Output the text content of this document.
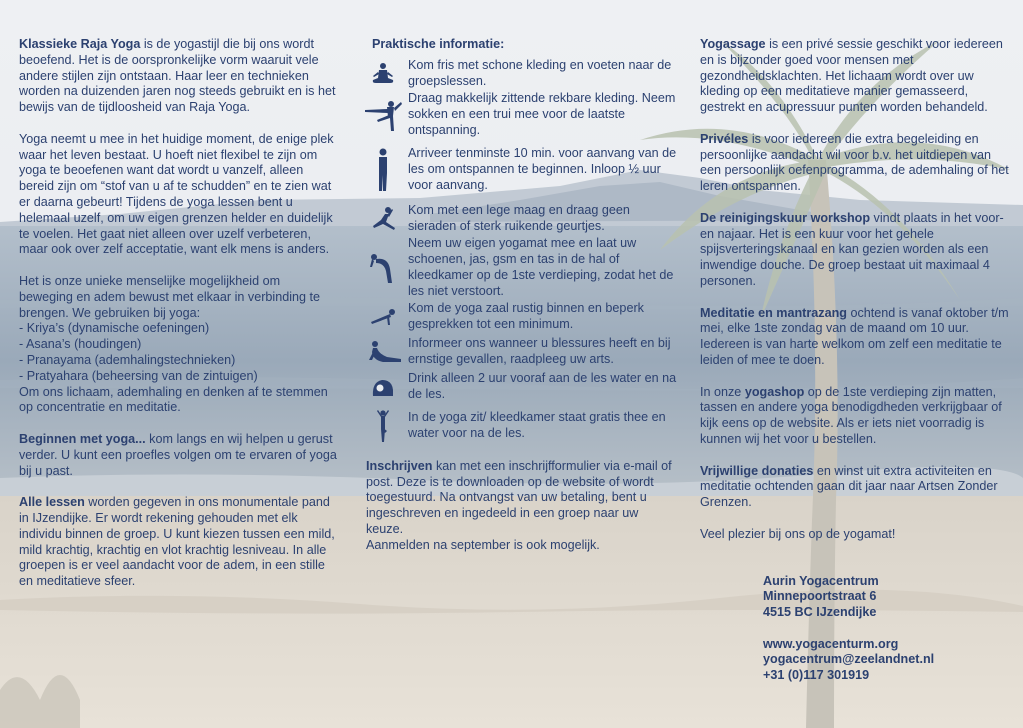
Klassieke Raja Yoga is de yogastijl die bij ons wordt beoefend. Het is de oorspronkelijke vorm waaruit vele andere stijlen zijn ontstaan. Haar leer en technieken worden na duizenden jaren nog steeds gebruikt en is het bewijs van de tijdloosheid van Raja Yoga.

Yoga neemt u mee in het huidige moment, de enige plek waar het leven bestaat. U hoeft niet flexibel te zijn om yoga te beoefenen want dat wordt u vanzelf, alleen bereid zijn om “stof van u af te schudden” en te zien wat er daarna gebeurt! Tijdens de yoga lessen bent u helemaal uzelf, om uw eigen grenzen helder en duidelijk te voelen. Het gaat niet alleen over uzelf verbeteren, maar ook over zelf acceptatie, want elk mens is anders.

Het is onze unieke menselijke mogelijkheid om beweging en adem bewust met elkaar in verbinding te brengen. We gebruiken bij yoga:
- Kriya’s (dynamische oefeningen)
- Asana’s (houdingen)
- Pranayama (ademhalingstechnieken)
- Pratyahara (beheersing van de zintuigen)
Om ons lichaam, ademhaling en denken af te stemmen op concentratie en meditatie.

Beginnen met yoga... kom langs en wij helpen u gerust verder. U kunt een proefles volgen om te ervaren of yoga bij u past.

Alle lessen worden gegeven in ons monumentale pand in IJzendijke. Er wordt rekening gehouden met elk individu binnen de groep. U kunt kiezen tussen een mild, mild krachtig, krachtig en vlot krachtig lesniveau. In alle groepen is er veel aandacht voor de adem, in een stille en meditatieve sfeer.

Praktische informatie:
Kom fris met schone kleding en voeten naar de groepslessen.
Draag makkelijk zittende rekbare kleding. Neem sokken en een trui mee voor de laatste ontspanning.
Arriveer tenminste 10 min. voor aanvang van de les om ontspannen te beginnen. Inloop ½ uur voor aanvang.
Kom met een lege maag en draag geen sieraden of sterk ruikende geurtjes.
Neem uw eigen yogamat mee en laat uw schoenen, jas, gsm en tas in de hal of kleedkamer op de 1ste verdieping, zodat het de les niet verstoort.
Kom de yoga zaal rustig binnen en beperk gesprekken tot een minimum.
Informeer ons wanneer u blessures heeft en bij ernstige gevallen, raadpleeg uw arts.
Drink alleen 2 uur vooraf aan de les water en na de les.
In de yoga zit/ kleedkamer staat gratis thee en water voor na de les.

Inschrijven kan met een inschrijfformulier via e-mail of post. Deze is te downloaden op de website of wordt toegestuurd. Na ontvangst van uw betaling, bent u ingeschreven en ingedeeld in een groep naar uw keuze.
Aanmelden na september is ook mogelijk.

Yogassage is een privé sessie geschikt voor iedereen en is bijzonder goed voor mensen met gezondheidsklachten. Het lichaam wordt over uw kleding op een meditatieve manier gemasseerd, gestrekt en acupressuur punten worden behandeld.

Privéles is voor iedereen die extra begeleiding en persoonlijke aandacht wil voor b.v. het uitdiepen van een persoonlijk oefenprogramma, de ademhaling of het leren ontspannen.

De reinigingskuur workshop vindt plaats in het voor- en najaar. Het is een kuur voor het gehele spijsverteringskanaal en kan gezien worden als een inwendige douche. De groep bestaat uit maximaal 4 personen.

Meditatie en mantrazang ochtend is vanaf oktober t/m mei, elke 1ste zondag van de maand om 10 uur. Iedereen is van harte welkom om zelf een meditatie te leiden of mee te doen.

In onze yogashop op de 1ste verdieping zijn matten, tassen en andere yoga benodigdheden verkrijgbaar of kijk eens op de website. Als er iets niet voorradig is kunnen wij het voor u bestellen.

Vrijwillige donaties en winst uit extra activiteiten en meditatie ochtenden gaan dit jaar naar Artsen Zonder Grenzen.

Veel plezier bij ons op de yogamat!

Aurin Yogacentrum
Minnepoortstraat 6
4515 BC IJzendijke
www.yogacenturm.org
yogacentrum@zeelandnet.nl
+31 (0)117 301919
